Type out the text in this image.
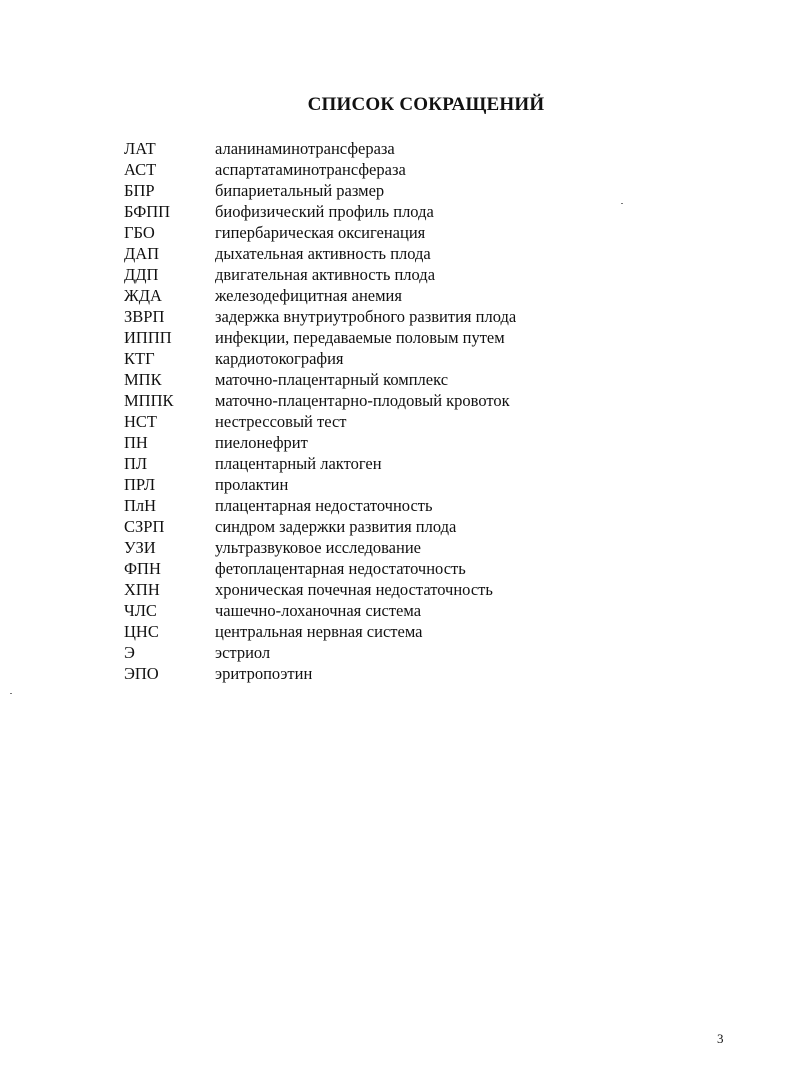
СПИСОК СОКРАЩЕНИЙ
ЛАТ	аланинаминотрансфераза
АСТ	аспартатаминотрансфераза
БПР	бипариетальный размер
БФПП	биофизический профиль плода
ГБО	гипербарическая оксигенация
ДАП	дыхательная активность плода
ДДП	двигательная активность плода
ЖДА	железодефицитная анемия
ЗВРП	задержка внутриутробного развития плода
ИППП	инфекции, передаваемые половым путем
КТГ	кардиотокография
МПК	маточно-плацентарный комплекс
МППК	маточно-плацентарно-плодовый кровоток
НСТ	нестрессовый тест
ПН	пиелонефрит
ПЛ	плацентарный лактоген
ПРЛ	пролактин
ПлН	плацентарная недостаточность
СЗРП	синдром задержки развития плода
УЗИ	ультразвуковое исследование
ФПН	фетоплацентарная недостаточность
ХПН	хроническая почечная недостаточность
ЧЛС	чашечно-лоханочная система
ЦНС	центральная нервная система
Э	эстриол
ЭПО	эритропоэтин
3
